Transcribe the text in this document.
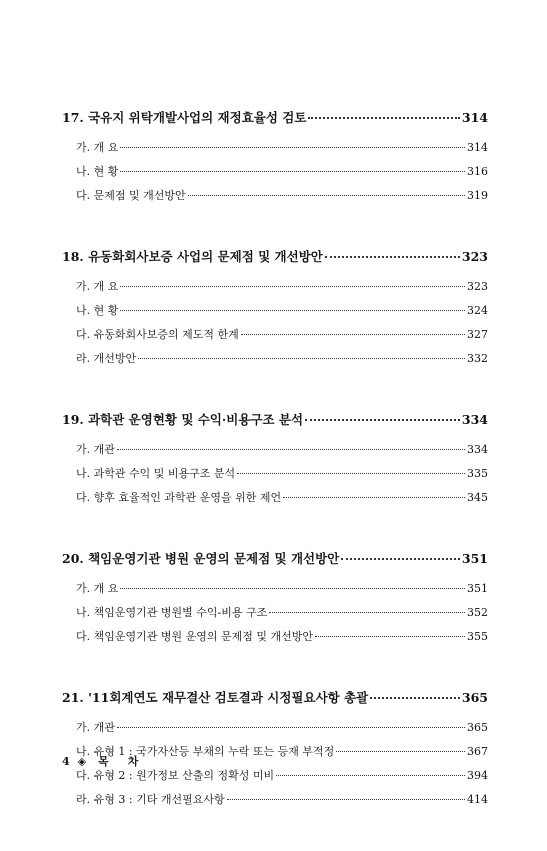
17. 국유지 위탁개발사업의 재정효율성 검토	314
가. 개 요	314
나. 현 황	316
다. 문제점 및 개선방안	319
18. 유동화회사보증 사업의 문제점 및 개선방안	323
가. 개 요	323
나. 현 황	324
다. 유동화회사보증의 제도적 한계	327
라. 개선방안	332
19. 과학관 운영현황 및 수익·비용구조 분석	334
가. 개관	334
나. 과학관 수익 및 비용구조 분석	335
다. 향후 효율적인 과학관 운영을 위한 제언	345
20. 책임운영기관 병원 운영의 문제점 및 개선방안	351
가. 개 요	351
나. 책임운영기관 병원별 수익-비용 구조	352
다. 책임운영기관 병원 운영의 문제점 및 개선방안	355
21. '11회계연도 재무결산 검토결과 시정필요사항 총괄	365
가. 개관	365
나. 유형 1 : 국가자산등 부채의 누락 또는 등재 부적정	367
다. 유형 2 : 원가정보 산출의 정확성 미비	394
라. 유형 3 : 기타 개선필요사항	414
4 ◈ 목     차
